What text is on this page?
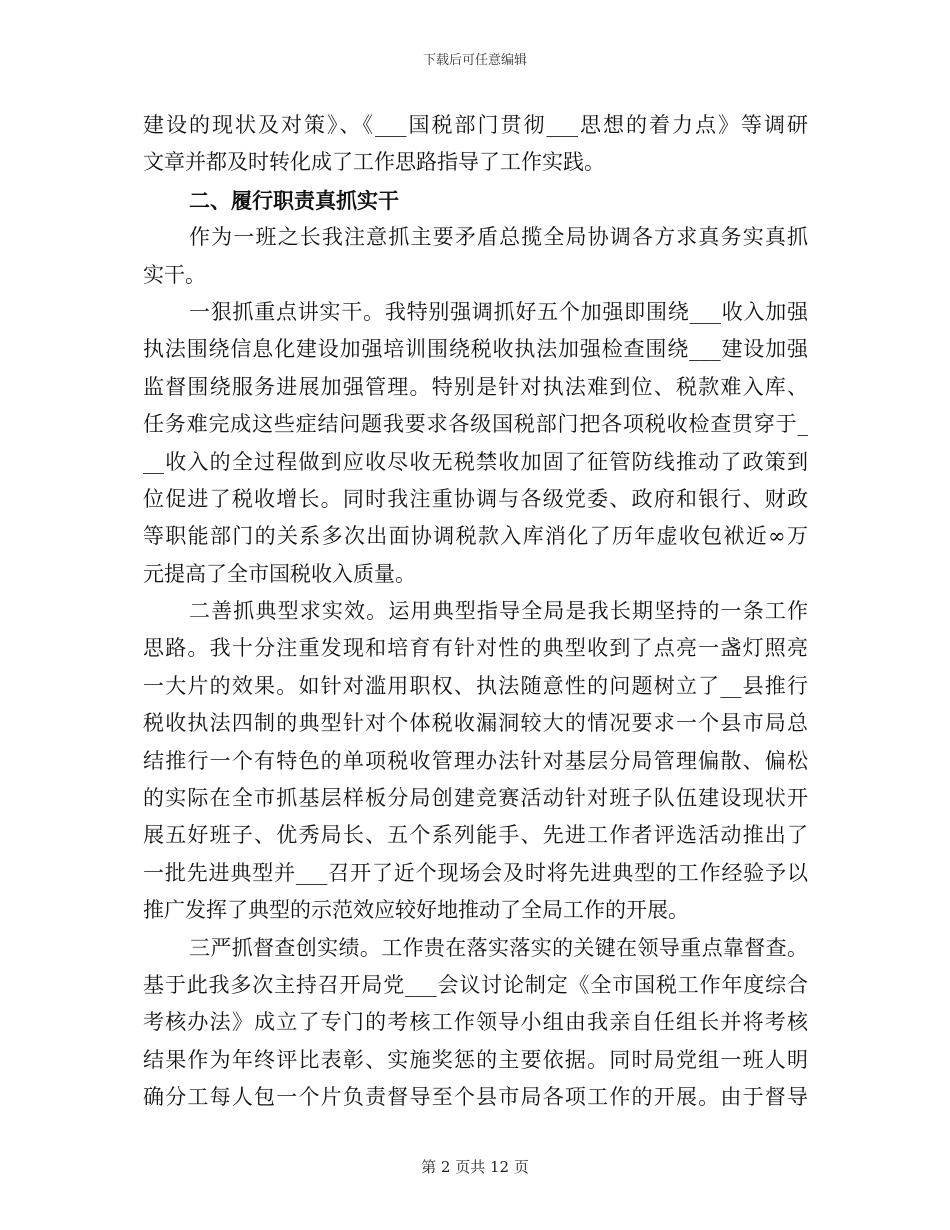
下载后可任意编辑
建设的现状及对策》、《___国税部门贯彻___思想的着力点》等调研
文章并都及时转化成了工作思路指导了工作实践。
二、履行职责真抓实干
作为一班之长我注意抓主要矛盾总揽全局协调各方求真务实真抓
实干。
一狠抓重点讲实干。我特别强调抓好五个加强即围绕___收入加强
执法围绕信息化建设加强培训围绕税收执法加强检查围绕___建设加强
监督围绕服务进展加强管理。特别是针对执法难到位、税款难入库、
任务难完成这些症结问题我要求各级国税部门把各项税收检查贯穿于_
__收入的全过程做到应收尽收无税禁收加固了征管防线推动了政策到
位促进了税收增长。同时我注重协调与各级党委、政府和银行、财政
等职能部门的关系多次出面协调税款入库消化了历年虚收包袱近∞万
元提高了全市国税收入质量。
二善抓典型求实效。运用典型指导全局是我长期坚持的一条工作
思路。我十分注重发现和培育有针对性的典型收到了点亮一盏灯照亮
一大片的效果。如针对滥用职权、执法随意性的问题树立了__县推行
税收执法四制的典型针对个体税收漏洞较大的情况要求一个县市局总
结推行一个有特色的单项税收管理办法针对基层分局管理偏散、偏松
的实际在全市抓基层样板分局创建竞赛活动针对班子队伍建设现状开
展五好班子、优秀局长、五个系列能手、先进工作者评选活动推出了
一批先进典型并___召开了近个现场会及时将先进典型的工作经验予以
推广发挥了典型的示范效应较好地推动了全局工作的开展。
三严抓督查创实绩。工作贵在落实落实的关键在领导重点靠督查。
基于此我多次主持召开局党___会议讨论制定《全市国税工作年度综合
考核办法》成立了专门的考核工作领导小组由我亲自任组长并将考核
结果作为年终评比表彰、实施奖惩的主要依据。同时局党组一班人明
确分工每人包一个片负责督导至个县市局各项工作的开展。由于督导
第 2 页共 12 页
